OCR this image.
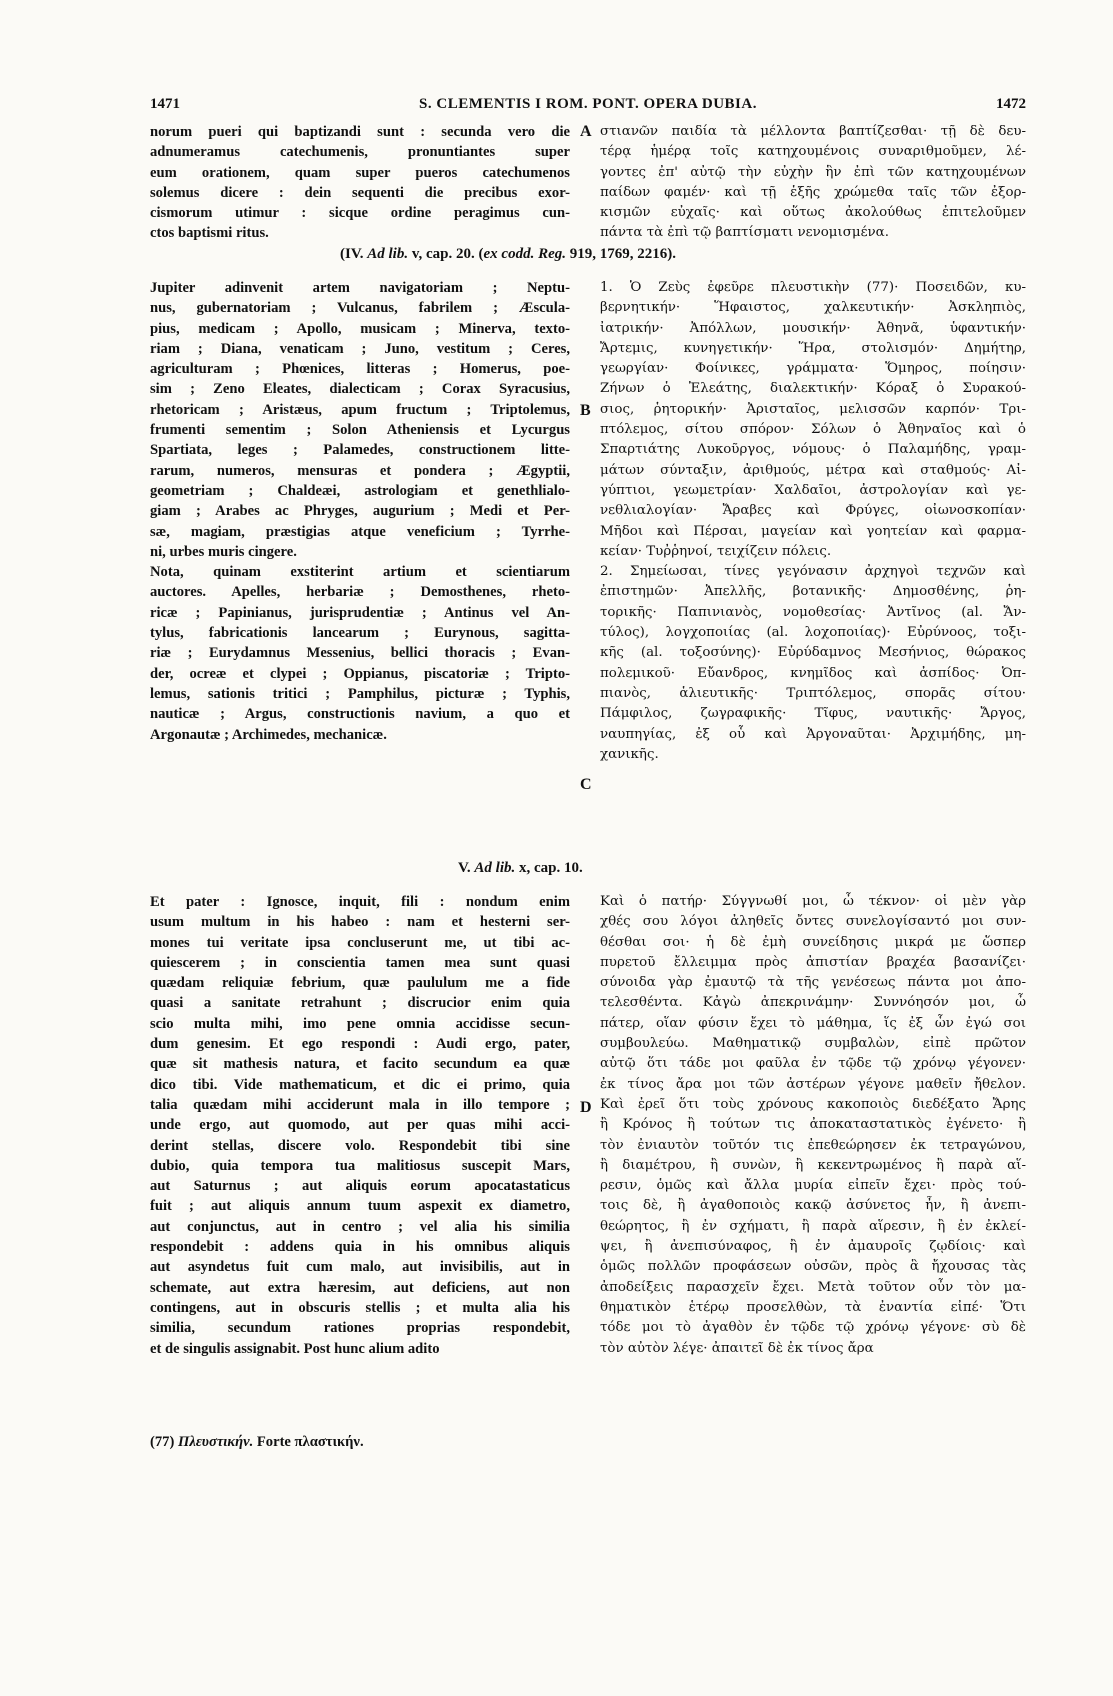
1471	S. CLEMENTIS I ROM. PONT. OPERA DUBIA.	1472
norum pueri qui baptizandi sunt : secunda vero die
adnumeramus catechumenis, pronuntiantes super
eum orationem, quam super pueros catechumenos
solemus dicere : dein sequenti die precibus exor-
cismorum utimur : sicque ordine peragimus cun-
ctos baptismi ritus.
στιανῶν παιδία τὰ μέλλοντα βαπτίζεσθαι· τῇ δὲ δευ-
τέρᾳ ἡμέρᾳ τοῖς κατηχουμένοις συναριθμοῦμεν, λέ-
γοντες ἐπ' αὐτῷ τὴν εὐχὴν ἣν ἐπὶ τῶν κατηχουμένων
παίδων φαμέν· καὶ τῇ ἑξῆς χρώμεθα ταῖς τῶν ἐξορ-
κισμῶν εὐχαῖς· καὶ οὕτως ἀκολούθως ἐπιτελοῦμεν
πάντα τὰ ἐπὶ τῷ βαπτίσματι νενομισμένα.
A
(IV. Ad lib. v, cap. 20. (ex codd. Reg. 919, 1769, 2216).
Jupiter adinvenit artem navigatoriam ; Neptu-
nus, gubernatoriam ; Vulcanus, fabrilem ; Æscula-
pius, medicam ; Apollo, musicam ; Minerva, texto-
riam ; Diana, venaticam ; Juno, vestitum ; Ceres,
agriculturam ; Phœnices, litteras ; Homerus, poe-
sim ; Zeno Eleates, dialecticam ; Corax Syracusius,
rhetoricam ; Aristæus, apum fructum ; Triptolemus,
frumenti sementim ; Solon Atheniensis et Lycurgus
Spartiata, leges ; Palamedes, constructionem litte-
rarum, numeros, mensuras et pondera ; Ægyptii,
geometriam ; Chaldeæi, astrologiam et genethlialo-
giam ; Arabes ac Phryges, augurium ; Medi et Per-
sæ, magiam, præstigias atque veneficium ; Tyrrhe-
ni, urbes muris cingere.
Nota, quinam exstiterint artium et scientiarum
auctores. Apelles, herbariæ ; Demosthenes, rheto-
ricæ ; Papinianus, jurisprudentiæ ; Antinus vel An-
tylus, fabricationis lancearum ; Eurynous, sagitta-
riæ ; Eurydamnus Messenius, bellici thoracis ; Evan-
der, ocreæ et clypei ; Oppianus, piscatoriæ ; Tripto-
lemus, sationis tritici ; Pamphilus, picturæ ; Typhis,
nauticæ ; Argus, constructionis navium, a quo et
Argonautæ ; Archimedes, mechanicæ.
1. Ὁ Ζεὺς ἐφεῦρε πλευστικὴν (77)· Ποσειδῶν, κυ-
βερνητικήν· Ἥφαιστος, χαλκευτικήν· Ἀσκληπιὸς,
ἰατρικήν· Ἀπόλλων, μουσικήν· Ἀθηνᾶ, ὑφαντικήν·
Ἄρτεμις, κυνηγετικήν· Ἥρα, στολισμόν· Δημήτηρ,
γεωργίαν· Φοίνικες, γράμματα· Ὅμηρος, ποίησιν·
Ζήνων ὁ Ἐλεάτης, διαλεκτικήν· Κόραξ ὁ Συρακού-
σιος, ῥητορικήν· Ἀρισταῖος, μελισσῶν καρπόν· Τρι-
πτόλεμος, σίτου σπόρον· Σόλων ὁ Ἀθηναῖος καὶ ὁ
Σπαρτιάτης Λυκοῦργος, νόμους· ὁ Παλαμήδης, γραμ-
μάτων σύνταξιν, ἀριθμούς, μέτρα καὶ σταθμούς· Αἰ-
γύπτιοι, γεωμετρίαν· Χαλδαῖοι, ἀστρολογίαν καὶ γε-
νεθλιαλογίαν· Ἄραβες καὶ Φρύγες, οἰωνοσκοπίαν·
Μῆδοι καὶ Πέρσαι, μαγείαν καὶ γοητείαν καὶ φαρμα-
κείαν· Τυῤῥηνοί, τειχίζειν πόλεις.
2. Σημείωσαι, τίνες γεγόνασιν ἀρχηγοὶ τεχνῶν καὶ
ἐπιστημῶν· Ἀπελλῆς, βοτανικῆς· Δημοσθένης, ῥη-
τορικῆς· Παπινιανὸς, νομοθεσίας· Ἀντῖνος (al. Ἄν-
τύλος), λογχοποιίας (al. λοχοποιίας)· Εὐρύνοος, τοξι-
κῆς (al. τοξοσύνης)· Εὐρύδαμνος Μεσήνιος, θώρακος
πολεμικοῦ· Εὔανδρος, κνημῖδος καὶ ἀσπίδος· Ὀπ-
πιανὸς, ἁλιευτικῆς· Τριπτόλεμος, σπορᾶς σίτου·
Πάμφιλος, ζωγραφικῆς· Τῖφυς, ναυτικῆς· Ἄργος,
ναυπηγίας, ἐξ οὗ καὶ Ἀργοναῦται· Ἀρχιμήδης, μη-
χανικῆς.
B
C
V. Ad lib. x, cap. 10.
Et pater : Ignosce, inquit, fili : nondum enim
usum multum in his habeo : nam et hesterni ser-
mones tui veritate ipsa concluserunt me, ut tibi ac-
quiescerem ; in conscientia tamen mea sunt quasi
quædam reliquiæ febrium, quæ paululum me a fide
quasi a sanitate retrahunt ; discrucior enim quia
scio multa mihi, imo pene omnia accidisse secun-
dum genesim. Et ego respondi : Audi ergo, pater,
quæ sit mathesis natura, et facito secundum ea quæ
dico tibi. Vide mathematicum, et dic ei primo, quia
talia quædam mihi acciderunt mala in illo tempore ;
unde ergo, aut quomodo, aut per quas mihi acci-
derint stellas, discere volo. Respondebit tibi sine
dubio, quia tempora tua malitiosus suscepit Mars,
aut Saturnus ; aut aliquis eorum apocatastaticus
fuit ; aut aliquis annum tuum aspexit ex diametro,
aut conjunctus, aut in centro ; vel alia his similia
respondebit : addens quia in his omnibus aliquis
aut asyndetus fuit cum malo, aut invisibilis, aut in
schemate, aut extra hæresim, aut deficiens, aut non
contingens, aut in obscuris stellis ; et multa alia his
similia, secundum rationes proprias respondebit,
et de singulis assignabit. Post hunc alium adito
Καὶ ὁ πατήρ· Σύγγνωθί μοι, ὦ τέκνον· οἱ μὲν γὰρ
χθές σου λόγοι ἀληθεῖς ὄντες συνελογίσαντό μοι συν-
θέσθαι σοι· ἡ δὲ ἐμὴ συνείδησις μικρά με ὥσπερ
πυρετοῦ ἔλλειμμα πρὸς ἀπιστίαν βραχέα βασανίζει·
σύνοιδα γὰρ ἐμαυτῷ τὰ τῆς γενέσεως πάντα μοι ἀπο-
τελεσθέντα. Κἀγὼ ἀπεκρινάμην· Συννόησόν μοι, ὦ
πάτερ, οἵαν φύσιν ἔχει τὸ μάθημα, ἵς ἐξ ὧν ἐγώ σοι
συμβουλεύω. Μαθηματικῷ συμβαλὼν, εἰπὲ πρῶτον
αὐτῷ ὅτι τάδε μοι φαῦλα ἐν τῷδε τῷ χρόνῳ γέγονεν·
ἐκ τίνος ἄρα μοι τῶν ἀστέρων γέγονε μαθεῖν ἤθελον.
Καὶ ἐρεῖ ὅτι τοὺς χρόνους κακοποιὸς διεδέξατο Ἄρης
ἢ Κρόνος ἢ τούτων τις ἀποκαταστατικὸς ἐγένετο· ἢ
τὸν ἐνιαυτὸν τοῦτόν τις ἐπεθεώρησεν ἐκ τετραγώνου,
ἢ διαμέτρου, ἢ συνὼν, ἢ κεκεντρωμένος ἢ παρὰ αἵ-
ρεσιν, ὁμῶς καὶ ἄλλα μυρία εἰπεῖν ἔχει· πρὸς τού-
τοις δὲ, ἢ ἀγαθοποιὸς κακῷ ἀσύνετος ἦν, ἢ ἀνεπι-
θεώρητος, ἢ ἐν σχήματι, ἢ παρὰ αἵρεσιν, ἢ ἐν ἐκλεί-
ψει, ἢ ἀνεπισύναφος, ἢ ἐν ἀμαυροῖς ζῳδίοις· καὶ
ὁμῶς πολλῶν προφάσεων οὐσῶν, πρὸς ἃ ἤχουσας τὰς
ἀποδείξεις παρασχεῖν ἔχει. Μετὰ τοῦτον οὖν τὸν μα-
θηματικὸν ἑτέρῳ προσελθὼν, τὰ ἐναντία εἰπέ· Ὅτι
τόδε μοι τὸ ἀγαθὸν ἐν τῷδε τῷ χρόνῳ γέγονε· σὺ δὲ
τὸν αὐτὸν λέγε· ἀπαιτεῖ δὲ ἐκ τίνος ἄρα
D
(77) Πλευστικήν. Forte πλαστικήν.
